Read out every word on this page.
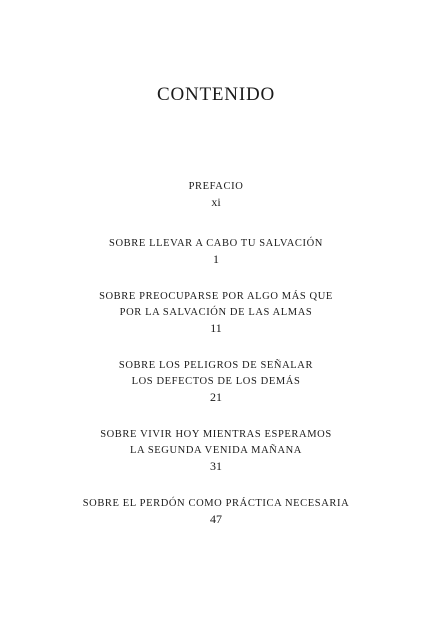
CONTENIDO
PREFACIO
xi
SOBRE LLEVAR A CABO TU SALVACIÓN
1
SOBRE PREOCUPARSE POR ALGO MÁS QUE
POR LA SALVACIÓN DE LAS ALMAS
11
SOBRE LOS PELIGROS DE SEÑALAR
LOS DEFECTOS DE LOS DEMÁS
21
SOBRE VIVIR HOY MIENTRAS ESPERAMOS
LA SEGUNDA VENIDA MAÑANA
31
SOBRE EL PERDÓN COMO PRÁCTICA NECESARIA
47
